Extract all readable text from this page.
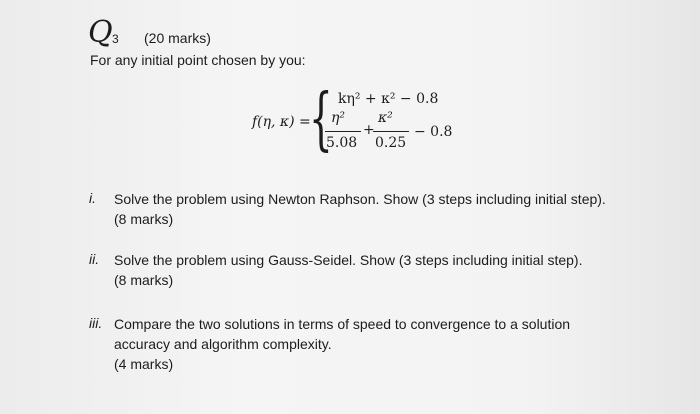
Q 3 (20 marks)
For any initial point chosen by you:
f(η, κ) =
{ kη² + κ² − 0.8
η²
5.08
+
κ²
0.25
− 0.8
i. Solve the problem using Newton Raphson. Show (3 steps including initial step).
(8 marks)
ii. Solve the problem using Gauss-Seidel. Show (3 steps including initial step).
(8 marks)
iii. Compare the two solutions in terms of speed to convergence to a solution accuracy and algorithm complexity.
(4 marks)
